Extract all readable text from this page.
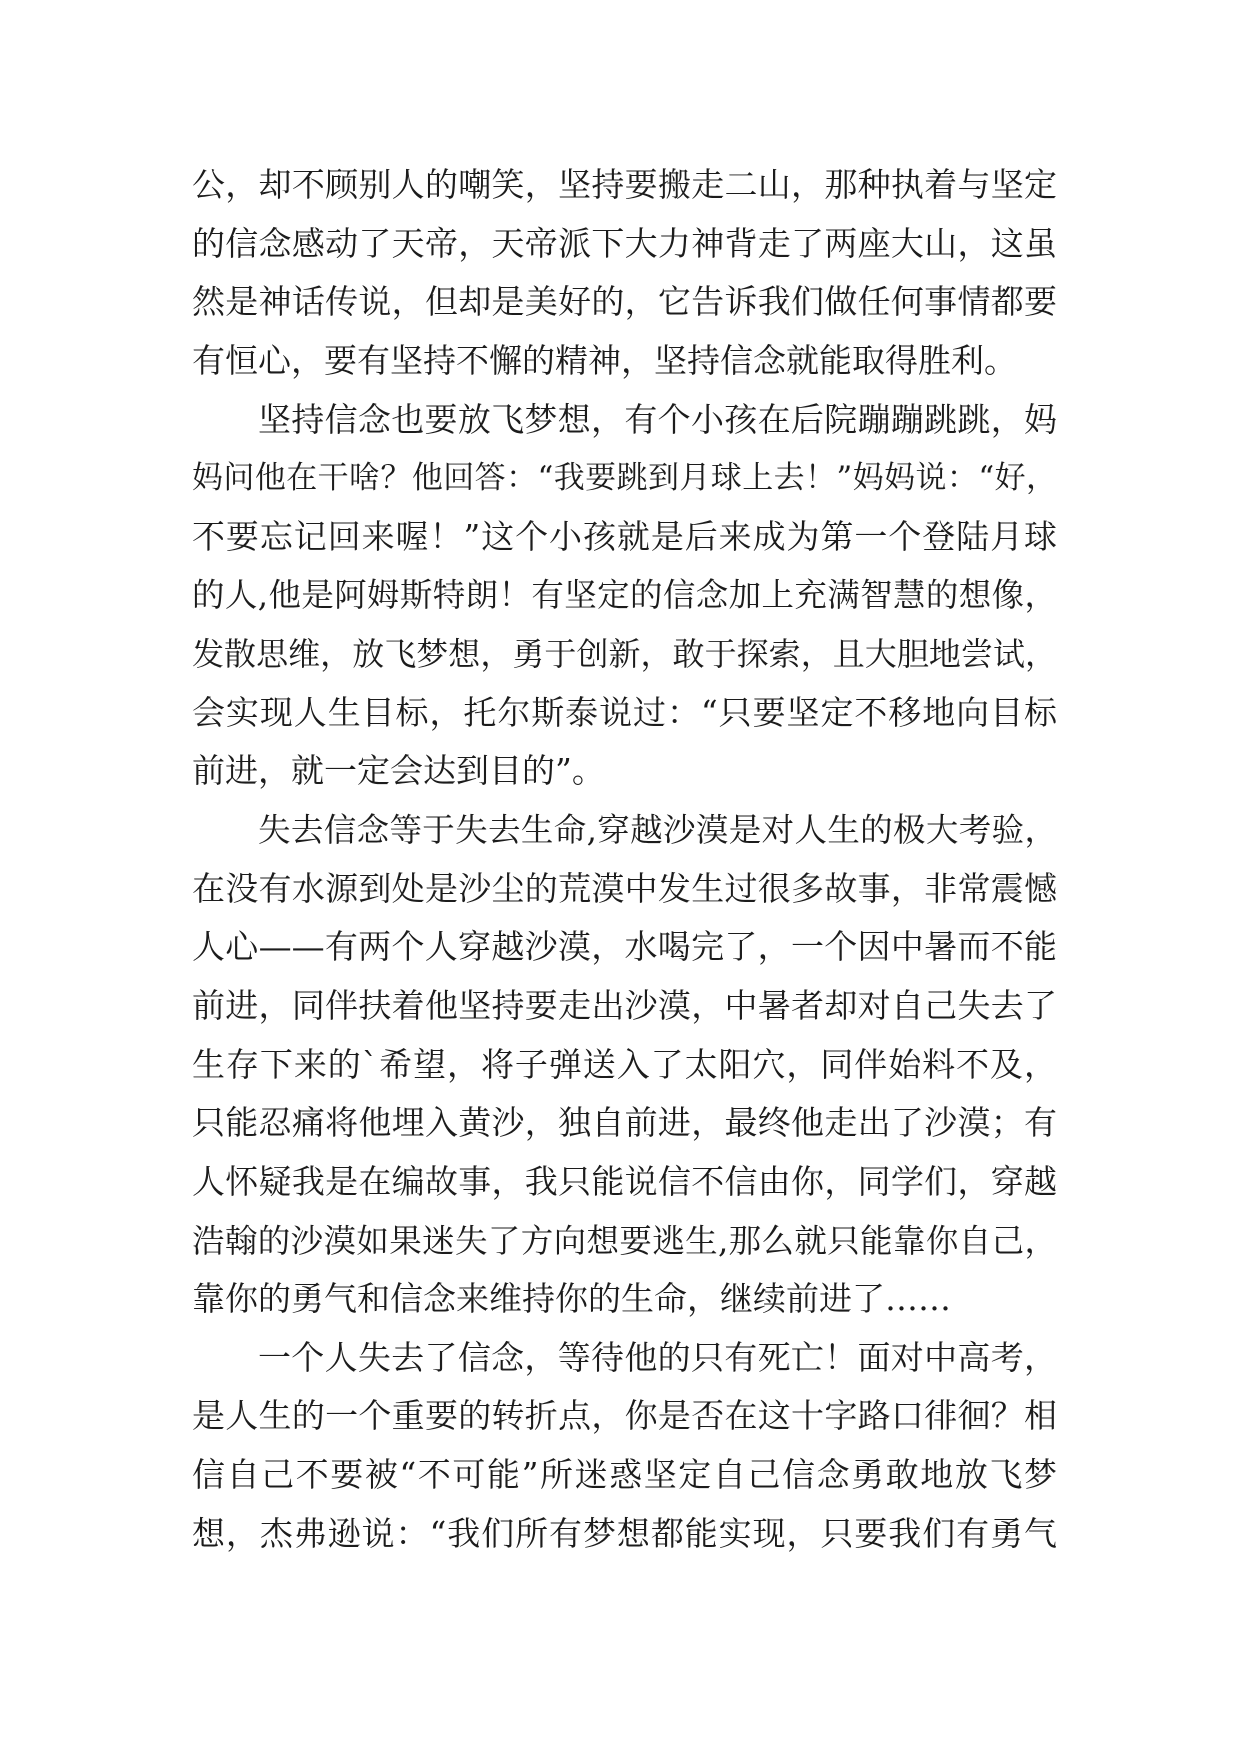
公，却不顾别人的嘲笑，坚持要搬走二山，那种执着与坚定
的信念感动了天帝，天帝派下大力神背走了两座大山，这虽
然是神话传说，但却是美好的，它告诉我们做任何事情都要
有恒心，要有坚持不懈的精神，坚持信念就能取得胜利。
坚持信念也要放飞梦想，有个小孩在后院蹦蹦跳跳，妈
妈问他在干啥？他回答：“我要跳到月球上去！”妈妈说：“好，
不要忘记回来喔！”这个小孩就是后来成为第一个登陆月球
的人,他是阿姆斯特朗！有坚定的信念加上充满智慧的想像，
发散思维，放飞梦想，勇于创新，敢于探索，且大胆地尝试，
会实现人生目标，托尔斯泰说过：“只要坚定不移地向目标
前进，就一定会达到目的”。
失去信念等于失去生命,穿越沙漠是对人生的极大考验，
在没有水源到处是沙尘的荒漠中发生过很多故事，非常震憾
人心——有两个人穿越沙漠，水喝完了，一个因中暑而不能
前进，同伴扶着他坚持要走出沙漠，中暑者却对自己失去了
生存下来的`希望，将子弹送入了太阳穴，同伴始料不及，
只能忍痛将他埋入黄沙，独自前进，最终他走出了沙漠；有
人怀疑我是在编故事，我只能说信不信由你，同学们，穿越
浩翰的沙漠如果迷失了方向想要逃生,那么就只能靠你自己，
靠你的勇气和信念来维持你的生命，继续前进了……
一个人失去了信念，等待他的只有死亡！面对中高考，
是人生的一个重要的转折点，你是否在这十字路口徘徊？相
信自己不要被“不可能”所迷惑坚定自己信念勇敢地放飞梦
想，杰弗逊说：“我们所有梦想都能实现，只要我们有勇气
